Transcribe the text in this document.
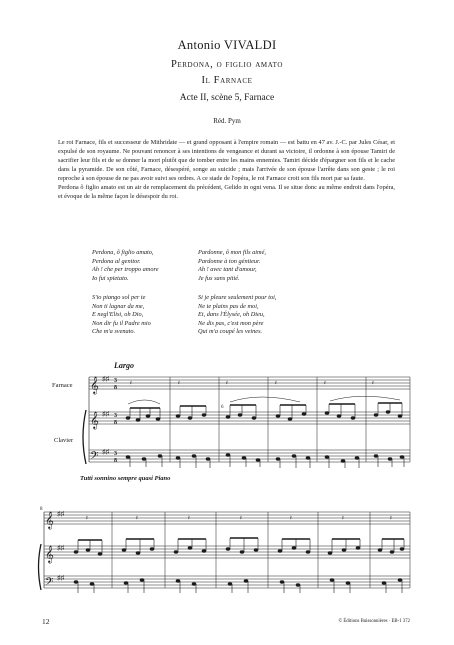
Antonio VIVALDI
Perdona, o figlio amato
Il Farnace
Acte II, scène 5, Farnace
Réd. Pym

Le roi Farnace, fils et successeur de Mithridate — et grand opposant à l'empire romain — est battu en 47 av. J.-C. par Jules César, et expulsé de son royaume. Ne pouvant renoncer à ses intentions de vengeance et durant sa victoire, il ordonne à son épouse Tamiri de sacrifier leur fils et de se donner la mort plutôt que de tomber entre les mains ennemies. Tamiri décide d'épargner son fils et le cache dans la pyramide. De son côté, Farnace, désespéré, songe au suicide ; mais l'arrivée de son épouse l'arrête dans son geste ; le roi reproche à son épouse de ne pas avoir suivi ses ordres. A ce stade de l'opéra, le roi Farnace croit son fils mort par sa faute.

Perdona ô figlio amato est un air de remplacement du précédent, Gelido in ogni vena. Il se situe donc au même endroit dans l'opéra, et évoque de la même façon le désespoir du roi.

Perdona, ô figlio amato,
Perdona al genitor.
Ah ! che per troppo amore
Io fui spietato.
S'io piango sol per te
Non ti lagnar da me,
E negl'Elisi, oh Dio,
Non dir fu il Padre mio
Che m'a svenato.
Pardonne, ô mon fils aimé,
Pardonne à ton géniteur.
Ah ! avec tant d'amour,
Je fus sans pitié.
Si je pleure seulement pour toi,
Ne te plains pas de moi,
Et, dans l'Élysée, oh Dieu,
Ne dis pas, c'est mon père
Qui m'a coupé les veines.
Largo
Farnace
Clavier
𝄞
𝄞
𝄢
♯♯
♯♯
♯♯
3
8
3
8
3
8
6
𝄽	𝄽	𝄽	𝄽	𝄽	𝄽
Tutti sonnino sempre quasi Piano
8
𝄞
𝄞
𝄢
♯♯
♯♯
♯♯
𝄽	𝄽	𝄽	𝄽	𝄽	𝄽	𝄽
12	© Éditions Buissonnières · EB-1 372
